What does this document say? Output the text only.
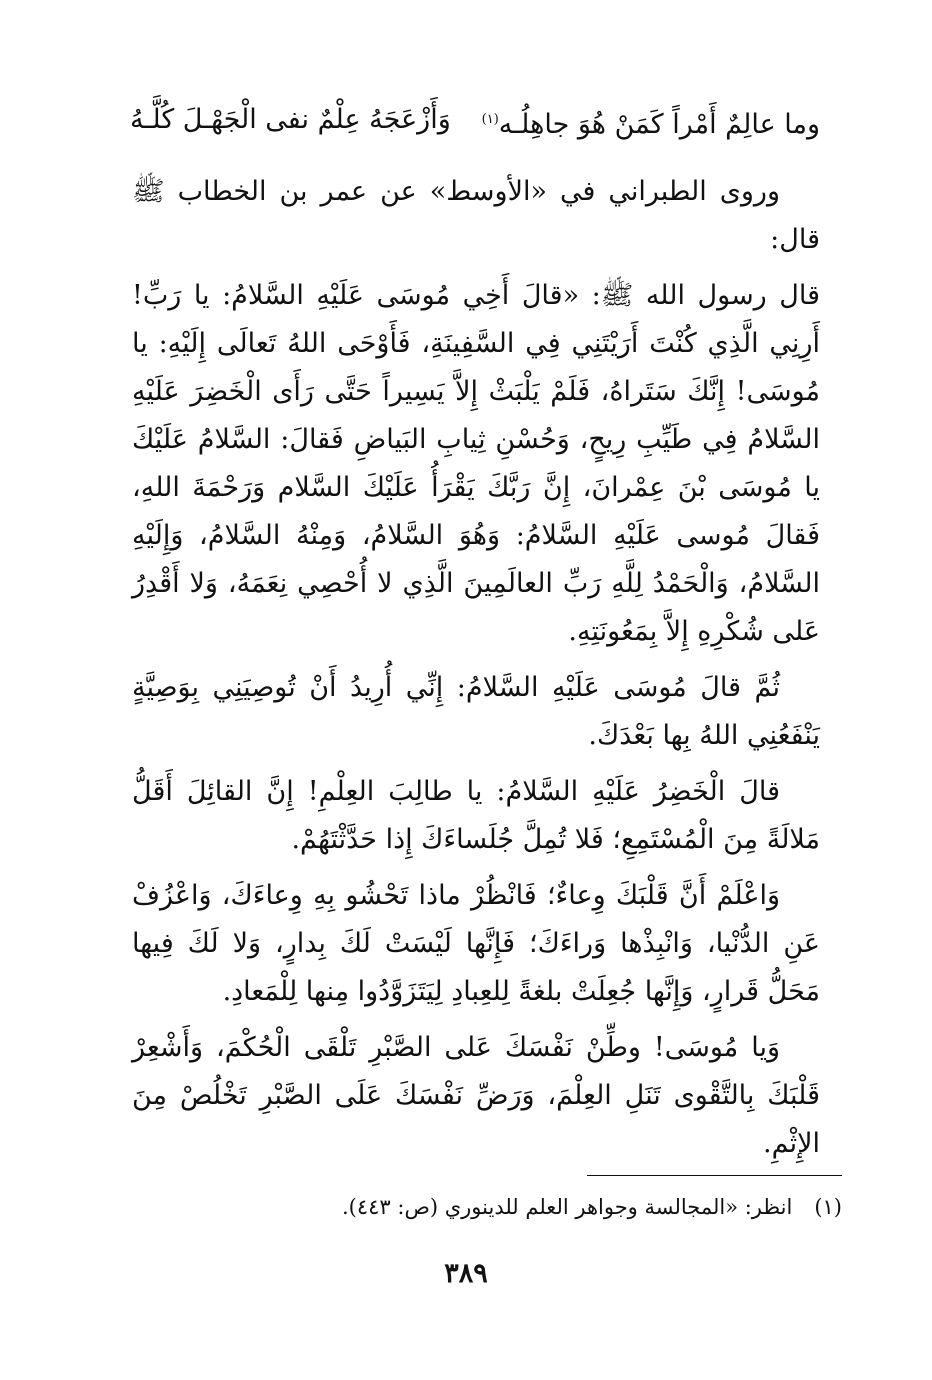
وَأَزْعَجَهُ عِلْمٌ نفى الْجَهْـلَ كُلَّـهُ	وما عالِمٌ أَمْراً كَمَنْ هُوَ جاهِلُـه$^{(١)}$

وروى الطبراني في «الأوسط» عن عمر بن الخطاب ﷺ قال:

قال رسول الله ﷺ: «قالَ أَخِي مُوسَى عَلَيْهِ السَّلامُ: يا رَبِّ! أَرِنِي الَّذِي كُنْتَ أَرَيْتَنِي فِي السَّفِينَةِ، فَأَوْحَى اللهُ تَعالَى إِلَيْهِ: يا مُوسَى! إِنَّكَ سَتَراهُ، فَلَمْ يَلْبَثْ إِلاَّ يَسِيراً حَتَّى رَأَى الْخَضِرَ عَلَيْهِ السَّلامُ فِي طَيِّبِ رِيحٍ، وَحُسْنِ ثِيابِ البَياضِ فَقالَ: السَّلامُ عَلَيْكَ يا مُوسَى بْنَ عِمْرانَ، إِنَّ رَبَّكَ يَقْرَأُ عَلَيْكَ السَّلام وَرَحْمَةَ اللهِ، فَقالَ مُوسى عَلَيْهِ السَّلامُ: وَهُوَ السَّلامُ، وَمِنْهُ السَّلامُ، وَإِلَيْهِ السَّلامُ، وَالْحَمْدُ لِلَّهِ رَبِّ العالَمِينَ الَّذِي لا أُحْصِي نِعَمَهُ، وَلا أَقْدِرُ عَلى شُكْرِهِ إِلاَّ بِمَعُونَتِهِ.

ثُمَّ قالَ مُوسَى عَلَيْهِ السَّلامُ: إِنِّي أُرِيدُ أَنْ تُوصِيَنِي بِوَصِيَّةٍ يَنْفَعُنِي اللهُ بِها بَعْدَكَ.

قالَ الْخَضِرُ عَلَيْهِ السَّلامُ: يا طالِبَ العِلْمِ! إِنَّ القائِلَ أَقَلُّ مَلالَةً مِنَ الْمُسْتَمِعِ؛ فَلا تُمِلَّ جُلَساءَكَ إِذا حَدَّثْتَهُمْ.

وَاعْلَمْ أَنَّ قَلْبَكَ وِعاءٌ؛ فَانْظُرْ ماذا تَحْشُو بِهِ وِعاءَكَ، وَاعْزُفْ عَنِ الدُّنْيا، وَانْبِذْها وَراءَكَ؛ فَإِنَّها لَيْسَتْ لَكَ بِدارٍ، وَلا لَكَ فِيها مَحَلُّ قَرارٍ، وَإِنَّها جُعِلَتْ بلغةً لِلعِبادِ لِيَتَزَوَّدُوا مِنها لِلْمَعادِ.

وَيا مُوسَى! وطِّنْ نَفْسَكَ عَلى الصَّبْرِ تَلْقَى الْحُكْمَ، وَأَشْعِرْ قَلْبَكَ بِالتَّقْوى تَنَلِ العِلْمَ، وَرَضِّ نَفْسَكَ عَلَى الصَّبْرِ تَخْلُصْ مِنَ الإِثْمِ.

(١)انظر: «المجالسة وجواهر العلم للدينوري (ص: ٤٤٣).
٣٨٩
